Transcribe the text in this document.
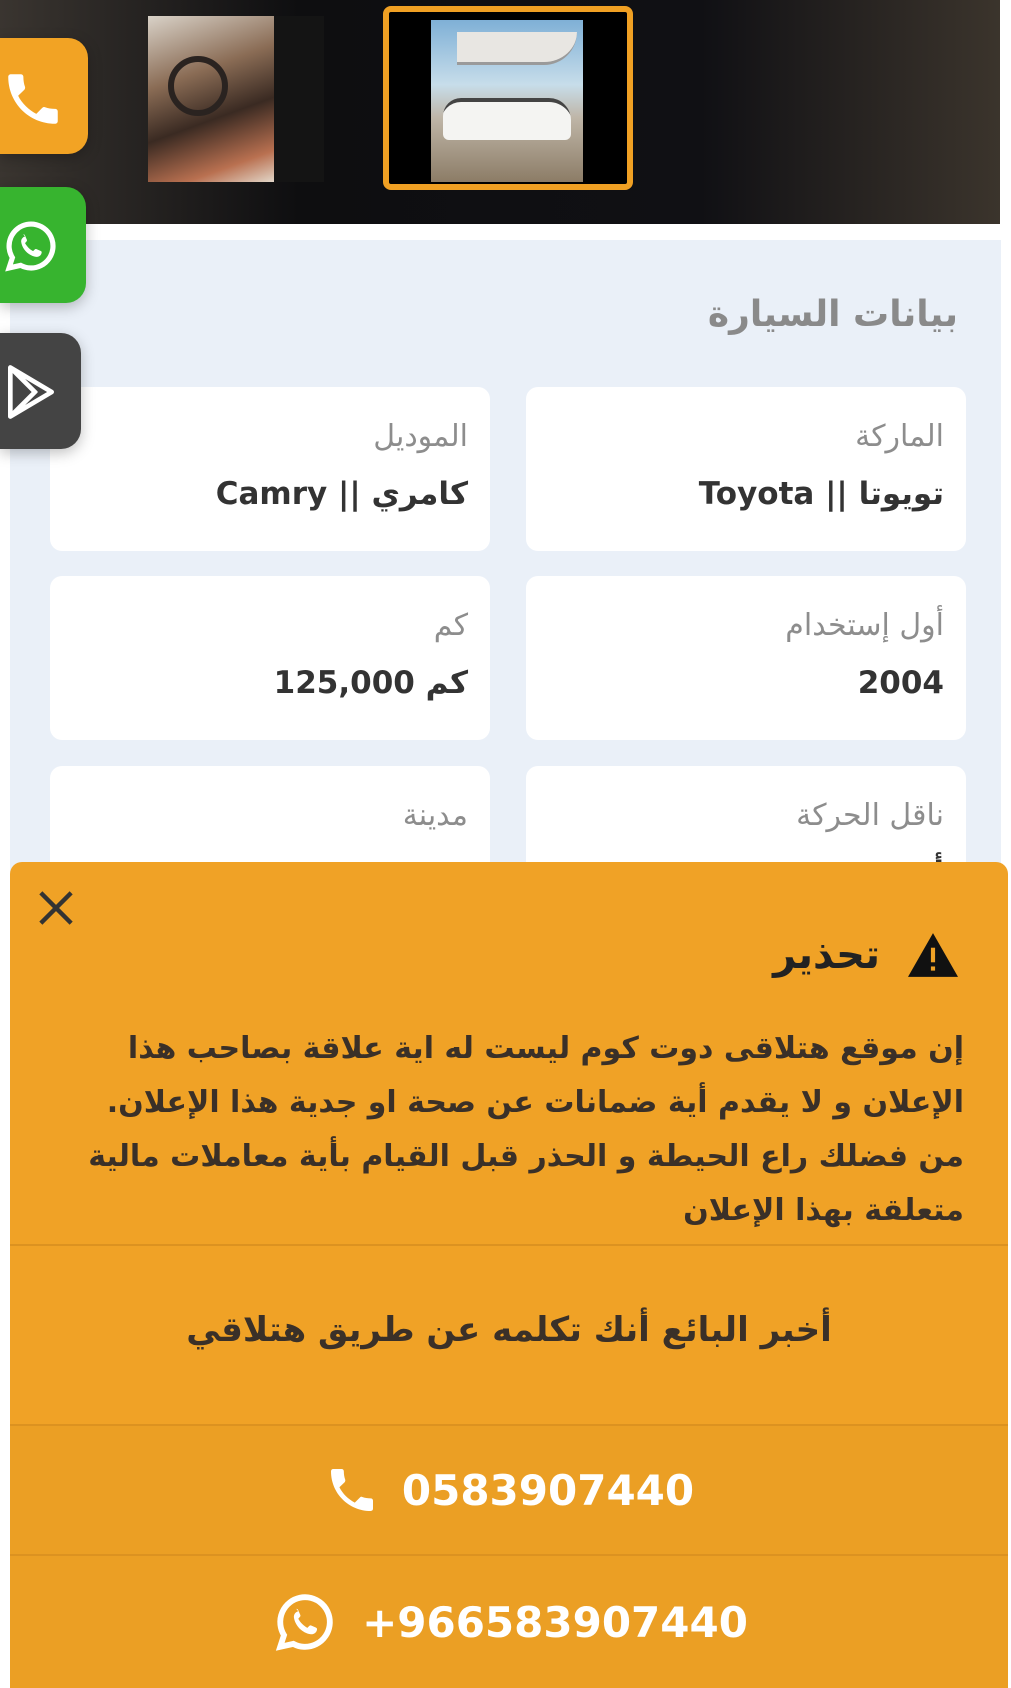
بيانات السيارة
الماركة
Toyota || تويوتا
الموديل
Camry || كامري
أول إستخدام
2004
كم
125,000 كم
ناقل الحركة
مدينة
تحذير
إن موقع هتلاقى دوت كوم ليست له اية علاقة بصاحب هذا الإعلان و لا يقدم أية ضمانات عن صحة او جدية هذا الإعلان. من فضلك راع الحيطة و الحذر قبل القيام بأية معاملات مالية متعلقة بهذا الإعلان
أخبر البائع أنك تكلمه عن طريق هتلاقي
0583907440
+966583907440
